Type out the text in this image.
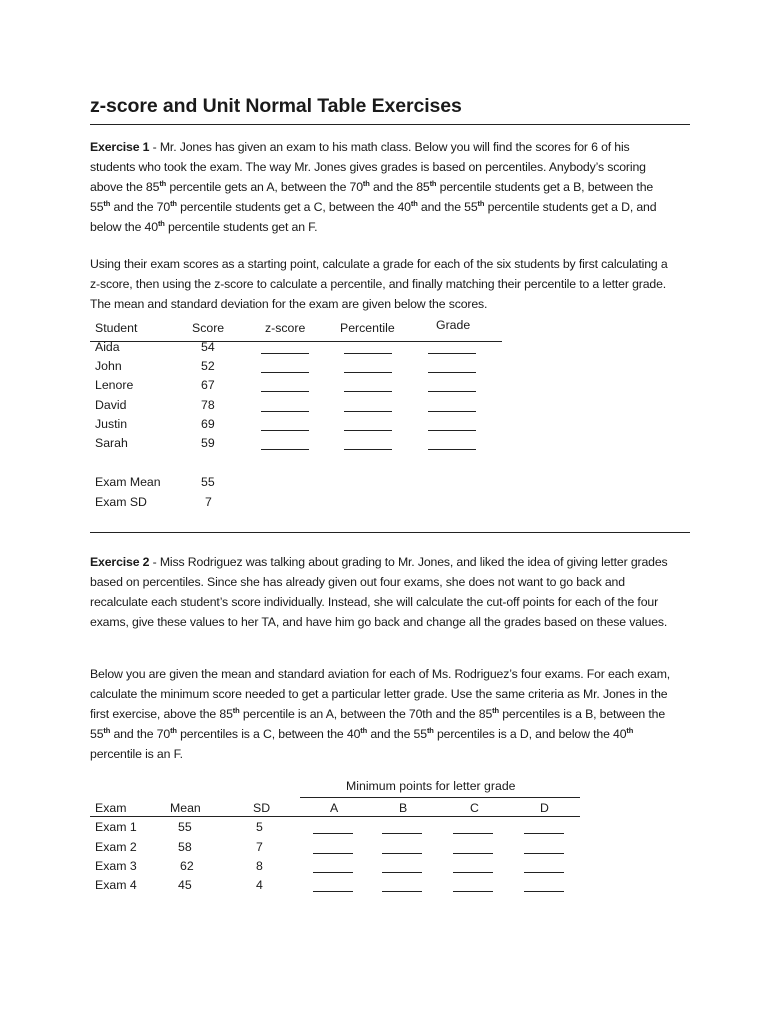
z-score and Unit Normal Table Exercises

Exercise 1 - Mr. Jones has given an exam to his math class. Below you will find the scores for 6 of his students who took the exam. The way Mr. Jones gives grades is based on percentiles. Anybody’s scoring above the 85th percentile gets an A, between the 70th and the 85th percentile students get a B, between the 55th and the 70th percentile students get a C, between the 40th and the 55th percentile students get a D, and below the 40th percentile students get an F.

Using their exam scores as a starting point, calculate a grade for each of the six students by first calculating a z-score, then using the z-score to calculate a percentile, and finally matching their percentile to a letter grade. The mean and standard deviation for the exam are given below the scores.

Student	Score	z-score	Percentile	Grade
Aida	54
John	52
Lenore	67
David	78
Justin	69
Sarah	59
Exam Mean	55
Exam SD	7

Exercise 2 - Miss Rodriguez was talking about grading to Mr. Jones, and liked the idea of giving letter grades based on percentiles. Since she has already given out four exams, she does not want to go back and recalculate each student’s score individually. Instead, she will calculate the cut-off points for each of the four exams, give these values to her TA, and have him go back and change all the grades based on these values.

Below you are given the mean and standard aviation for each of Ms. Rodriguez’s four exams. For each exam, calculate the minimum score needed to get a particular letter grade. Use the same criteria as Mr. Jones in the first exercise, above the 85th percentile is an A, between the 70th and the 85th percentiles is a B, between the 55th and the 70th percentiles is a C, between the 40th and the 55th percentiles is a D, and below the 40th percentile is an F.

Minimum points for letter grade
Exam	Mean	SD	A	B	C	D
Exam 1	55	5
Exam 2	58	7
Exam 3	62	8
Exam 4	45	4
